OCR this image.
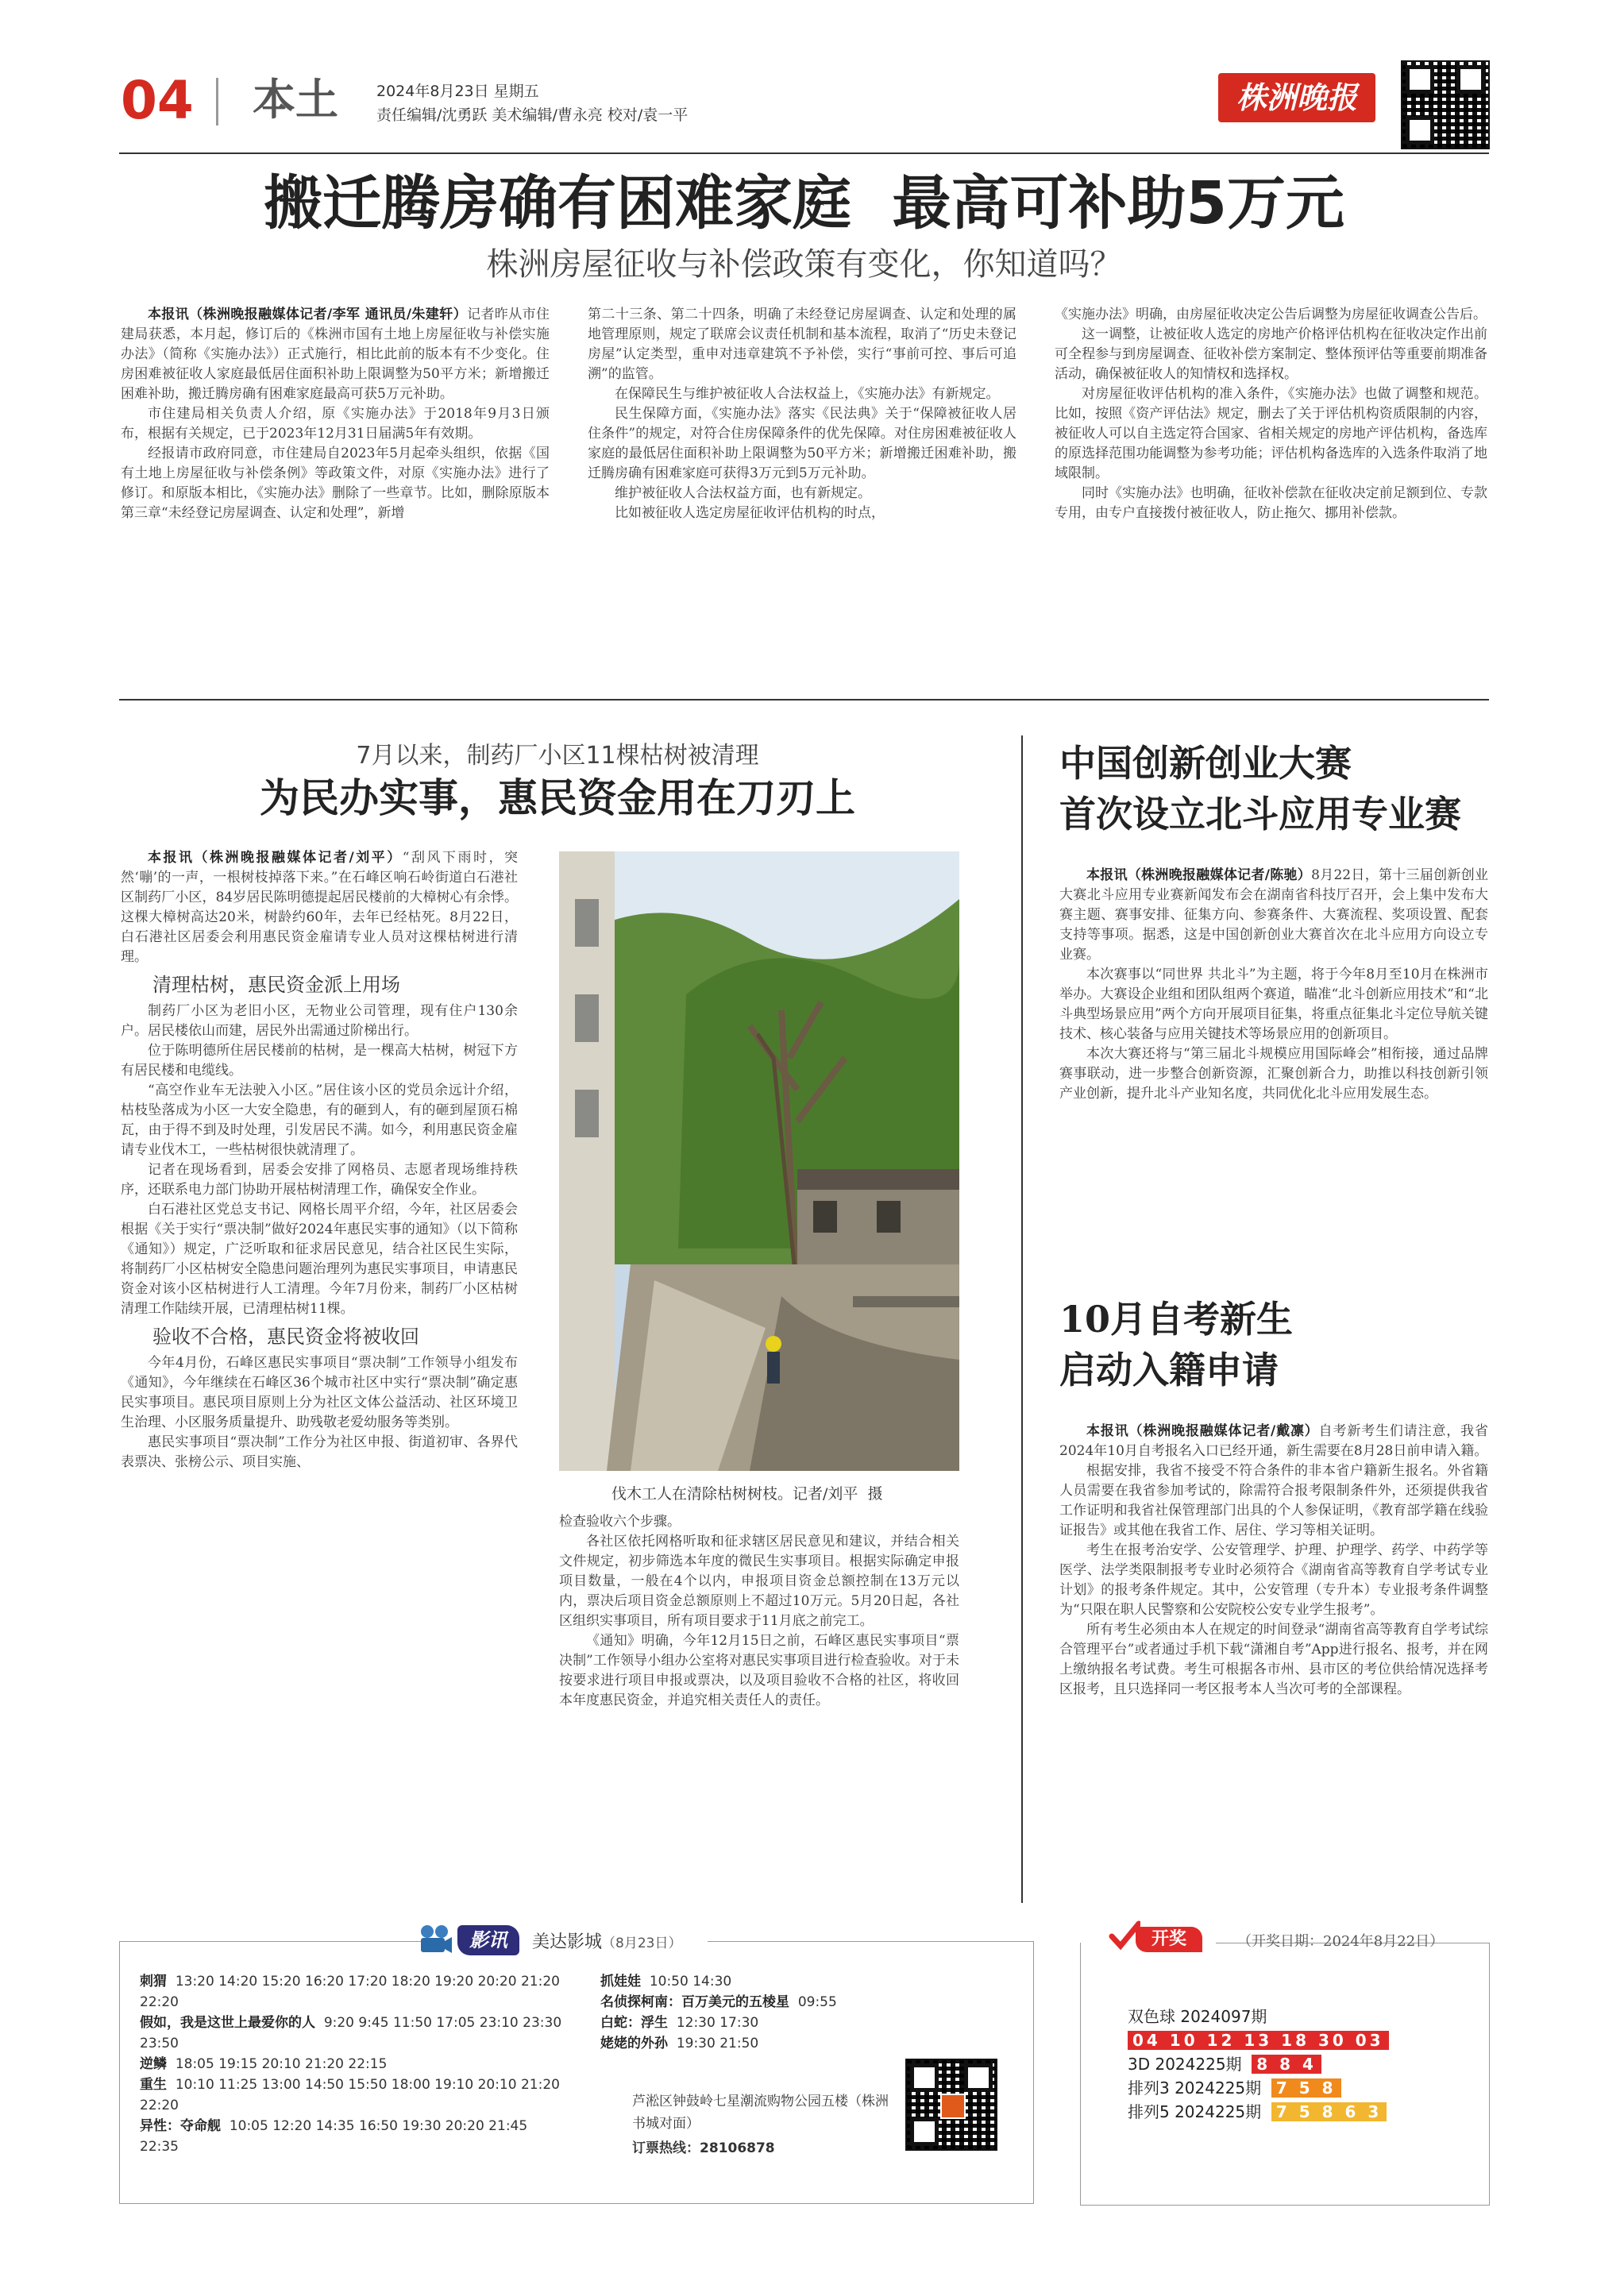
04 本土	2024年8月23日 星期五
责任编辑/沈勇跃 美术编辑/曹永亮 校对/袁一平	株洲晚报
搬迁腾房确有困难家庭  最高可补助5万元
株洲房屋征收与补偿政策有变化，你知道吗？

本报讯（株洲晚报融媒体记者/李军 通讯员/朱建轩）记者昨从市住建局获悉，本月起，修订后的《株洲市国有土地上房屋征收与补偿实施办法》（简称《实施办法》）正式施行，相比此前的版本有不少变化。住房困难被征收人家庭最低居住面积补助上限调整为50平方米；新增搬迁困难补助，搬迁腾房确有困难家庭最高可获5万元补助。

市住建局相关负责人介绍，原《实施办法》于2018年9月3日颁布，根据有关规定，已于2023年12月31日届满5年有效期。

经报请市政府同意，市住建局自2023年5月起牵头组织，依据《国有土地上房屋征收与补偿条例》等政策文件，对原《实施办法》进行了修订。和原版本相比，《实施办法》删除了一些章节。比如，删除原版本第三章“未经登记房屋调查、认定和处理”，新增

第二十三条、第二十四条，明确了未经登记房屋调查、认定和处理的属地管理原则，规定了联席会议责任机制和基本流程，取消了“历史未登记房屋”认定类型，重申对违章建筑不予补偿，实行“事前可控、事后可追溯”的监管。

在保障民生与维护被征收人合法权益上，《实施办法》有新规定。

民生保障方面，《实施办法》落实《民法典》关于“保障被征收人居住条件”的规定，对符合住房保障条件的优先保障。对住房困难被征收人家庭的最低居住面积补助上限调整为50平方米；新增搬迁困难补助，搬迁腾房确有困难家庭可获得3万元到5万元补助。

维护被征收人合法权益方面，也有新规定。

比如被征收人选定房屋征收评估机构的时点，

《实施办法》明确，由房屋征收决定公告后调整为房屋征收调查公告后。

这一调整，让被征收人选定的房地产价格评估机构在征收决定作出前可全程参与到房屋调查、征收补偿方案制定、整体预评估等重要前期准备活动，确保被征收人的知情权和选择权。

对房屋征收评估机构的准入条件，《实施办法》也做了调整和规范。比如，按照《资产评估法》规定，删去了关于评估机构资质限制的内容，被征收人可以自主选定符合国家、省相关规定的房地产评估机构，备选库的原选择范围功能调整为参考功能；评估机构备选库的入选条件取消了地域限制。

同时《实施办法》也明确，征收补偿款在征收决定前足额到位、专款专用，由专户直接拨付被征收人，防止拖欠、挪用补偿款。

7月以来，制药厂小区11棵枯树被清理
为民办实事，惠民资金用在刀刃上

本报讯（株洲晚报融媒体记者/刘平）“刮风下雨时，突然‘嘣’的一声，一根树枝掉落下来。”在石峰区响石岭街道白石港社区制药厂小区，84岁居民陈明德提起居民楼前的大樟树心有余悸。这棵大樟树高达20米，树龄约60年，去年已经枯死。8月22日，白石港社区居委会利用惠民资金雇请专业人员对这棵枯树进行清理。

清理枯树，惠民资金派上用场

制药厂小区为老旧小区，无物业公司管理，现有住户130余户。居民楼依山而建，居民外出需通过阶梯出行。

位于陈明德所住居民楼前的枯树，是一棵高大枯树，树冠下方有居民楼和电缆线。

“高空作业车无法驶入小区。”居住该小区的党员余远计介绍，枯枝坠落成为小区一大安全隐患，有的砸到人，有的砸到屋顶石棉瓦，由于得不到及时处理，引发居民不满。如今，利用惠民资金雇请专业伐木工，一些枯树很快就清理了。

记者在现场看到，居委会安排了网格员、志愿者现场维持秩序，还联系电力部门协助开展枯树清理工作，确保安全作业。

白石港社区党总支书记、网格长周平介绍，今年，社区居委会根据《关于实行“票决制”做好2024年惠民实事的通知》（以下简称《通知》）规定，广泛听取和征求居民意见，结合社区民生实际，将制药厂小区枯树安全隐患问题治理列为惠民实事项目，申请惠民资金对该小区枯树进行人工清理。今年7月份来，制药厂小区枯树清理工作陆续开展，已清理枯树11棵。

验收不合格，惠民资金将被收回

今年4月份，石峰区惠民实事项目“票决制”工作领导小组发布《通知》，今年继续在石峰区36个城市社区中实行“票决制”确定惠民实事项目。惠民项目原则上分为社区文体公益活动、社区环境卫生治理、小区服务质量提升、助残敬老爱幼服务等类别。

惠民实事项目“票决制”工作分为社区申报、街道初审、各界代表票决、张榜公示、项目实施、

伐木工人在清除枯树树枝。记者/刘平  摄

检查验收六个步骤。

各社区依托网格听取和征求辖区居民意见和建议，并结合相关文件规定，初步筛选本年度的微民生实事项目。根据实际确定申报项目数量，一般在4个以内，申报项目资金总额控制在13万元以内，票决后项目资金总额原则上不超过10万元。5月20日起，各社区组织实事项目，所有项目要求于11月底之前完工。

《通知》明确，今年12月15日之前，石峰区惠民实事项目“票决制”工作领导小组办公室将对惠民实事项目进行检查验收。对于未按要求进行项目申报或票决，以及项目验收不合格的社区，将收回本年度惠民资金，并追究相关责任人的责任。

中国创新创业大赛
首次设立北斗应用专业赛

本报讯（株洲晚报融媒体记者/陈驰）8月22日，第十三届创新创业大赛北斗应用专业赛新闻发布会在湖南省科技厅召开，会上集中发布大赛主题、赛事安排、征集方向、参赛条件、大赛流程、奖项设置、配套支持等事项。据悉，这是中国创新创业大赛首次在北斗应用方向设立专业赛。

本次赛事以“同世界 共北斗”为主题，将于今年8月至10月在株洲市举办。大赛设企业组和团队组两个赛道，瞄准“北斗创新应用技术”和“北斗典型场景应用”两个方向开展项目征集，将重点征集北斗定位导航关键技术、核心装备与应用关键技术等场景应用的创新项目。

本次大赛还将与“第三届北斗规模应用国际峰会”相衔接，通过品牌赛事联动，进一步整合创新资源，汇聚创新合力，助推以科技创新引领产业创新，提升北斗产业知名度，共同优化北斗应用发展生态。

10月自考新生
启动入籍申请

本报讯（株洲晚报融媒体记者/戴凛）自考新考生们请注意，我省2024年10月自考报名入口已经开通，新生需要在8月28日前申请入籍。

根据安排，我省不接受不符合条件的非本省户籍新生报名。外省籍人员需要在我省参加考试的，除需符合报考限制条件外，还须提供我省工作证明和我省社保管理部门出具的个人参保证明，《教育部学籍在线验证报告》或其他在我省工作、居住、学习等相关证明。

考生在报考治安学、公安管理学、护理、护理学、药学、中药学等医学、法学类限制报考专业时必须符合《湖南省高等教育自学考试专业计划》的报考条件规定。其中，公安管理（专升本）专业报考条件调整为“只限在职人民警察和公安院校公安专业学生报考”。

所有考生必须由本人在规定的时间登录“湖南省高等教育自学考试综合管理平台”或者通过手机下载“潇湘自考”App进行报名、报考，并在网上缴纳报名考试费。考生可根据各市州、县市区的考位供给情况选择考区报考，且只选择同一考区报考本人当次可考的全部课程。

影讯	美达影城 （8月23日）
刺猬 13:20 14:20 15:20 16:20 17:20 18:20 19:20 20:20 21:20 22:20
假如，我是这世上最爱你的人 9:20 9:45 11:50 17:05 23:10 23:30 23:50
逆鳞 18:05 19:15 20:10 21:20 22:15
重生 10:10 11:25 13:00 14:50 15:50 18:00 19:10 20:10 21:20 22:20
异性：夺命舰 10:05 12:20 14:35 16:50 19:30 20:20 21:45 22:35
抓娃娃 10:50 14:30
名侦探柯南：百万美元的五棱星 09:55
白蛇：浮生 12:30 17:30
姥姥的外孙 19:30 21:50
芦淞区钟鼓岭七星潮流购物公园五楼（株洲书城对面）
订票热线：28106878
开奖	（开奖日期：2024年8月22日）
双色球 2024097期
04 10 12 13 18 30 03
3D 2024225期 8 8 4
排列3 2024225期 7 5 8
排列5 2024225期 7 5 8 6 3
